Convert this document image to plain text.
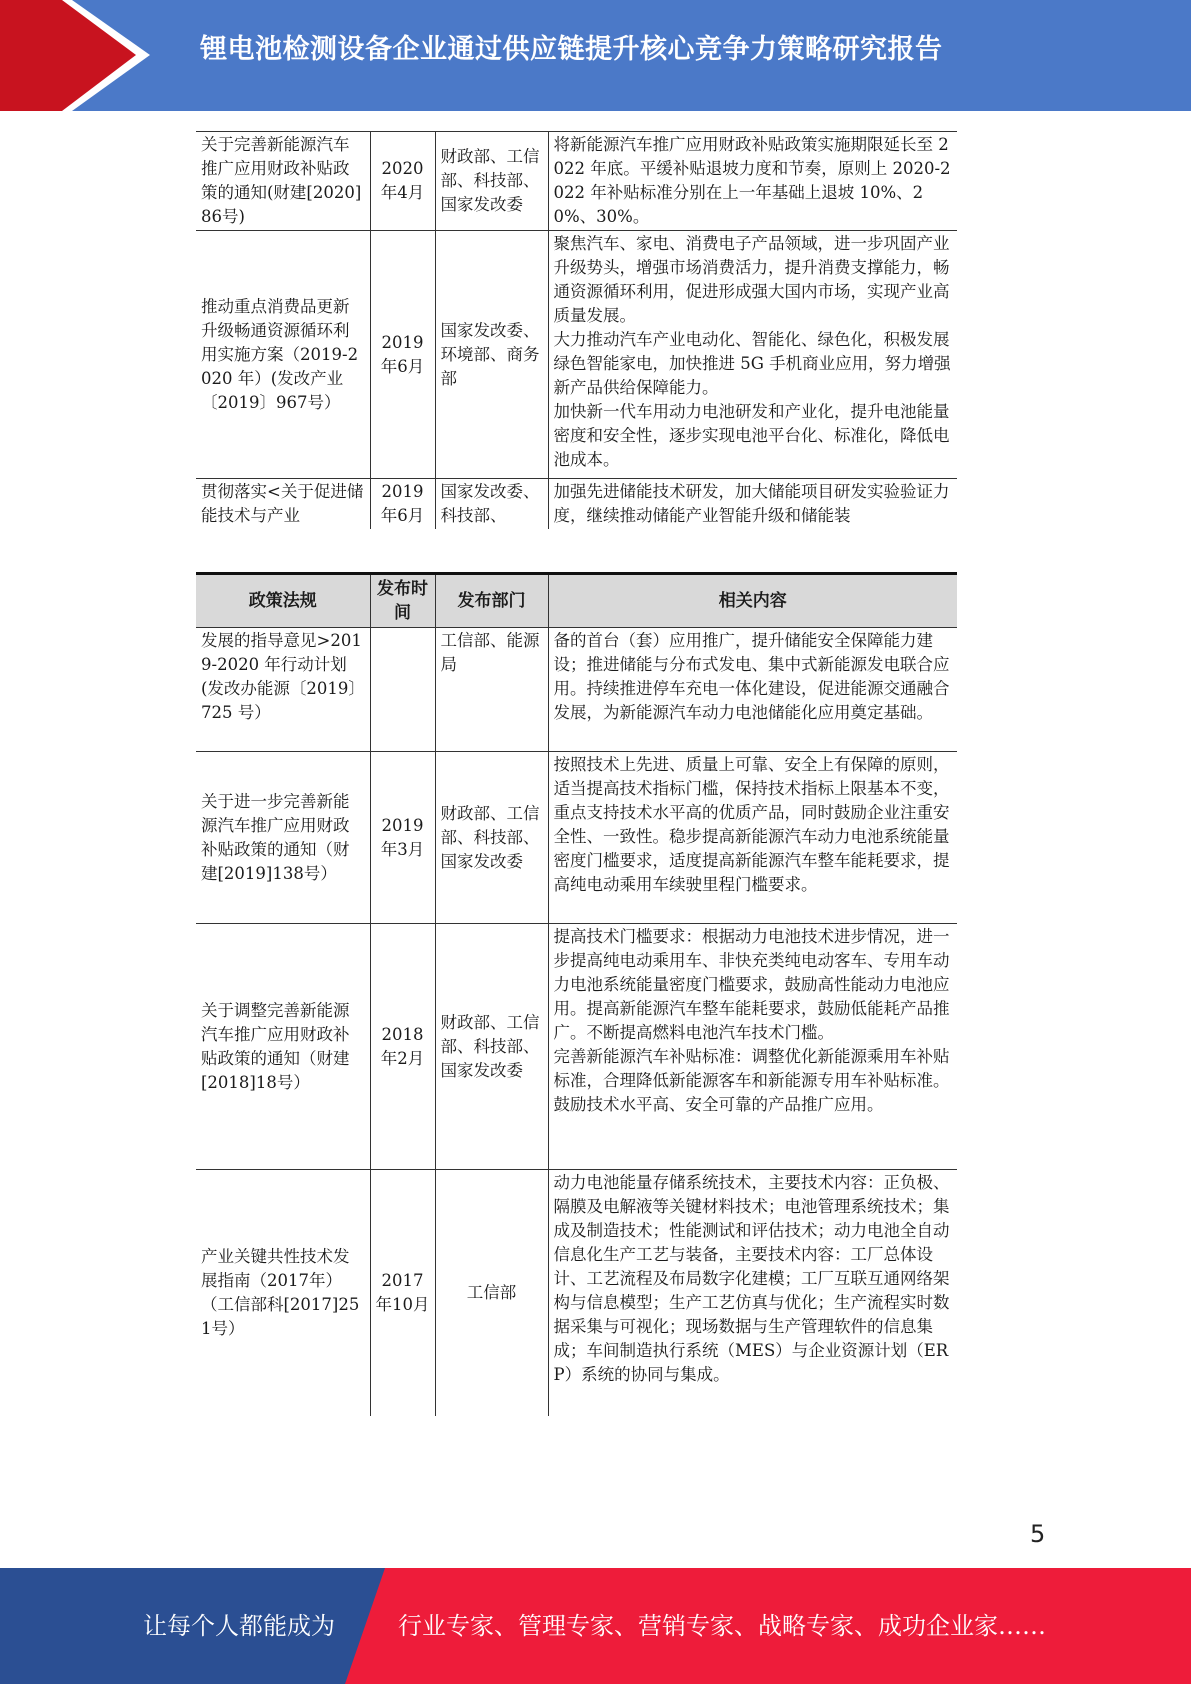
锂电池检测设备企业通过供应链提升核心竞争力策略研究报告
关于完善新能源汽车推广应用财政补贴政策的通知(财建[2020]86号)	2020年4月	财政部、工信部、科技部、国家发改委	将新能源汽车推广应用财政补贴政策实施期限延长至 2022 年底。平缓补贴退坡力度和节奏，原则上 2020-2022 年补贴标准分别在上一年基础上退坡 10%、20%、30%。
推动重点消费品更新升级畅通资源循环利用实施方案（2019-2020 年）(发改产业〔2019〕967号）	2019年6月	国家发改委、环境部、商务部	聚焦汽车、家电、消费电子产品领域，进一步巩固产业升级势头，增强市场消费活力，提升消费支撑能力，畅通资源循环利用，促进形成强大国内市场，实现产业高质量发展。
大力推动汽车产业电动化、智能化、绿色化，积极发展绿色智能家电，加快推进 5G 手机商业应用，努力增强新产品供给保障能力。
加快新一代车用动力电池研发和产业化，提升电池能量密度和安全性，逐步实现电池平台化、标准化，降低电池成本。
贯彻落实<关于促进储能技术与产业	2019年6月	国家发改委、科技部、	加强先进储能技术研发，加大储能项目研发实验验证力度，继续推动储能产业智能升级和储能装
政策法规	发布时间	发布部门	相关内容
发展的指导意见>2019-2020 年行动计划(发改办能源〔2019〕725 号）		工信部、能源局	备的首台（套）应用推广，提升储能安全保障能力建设；推进储能与分布式发电、集中式新能源发电联合应用。持续推进停车充电一体化建设，促进能源交通融合发展，为新能源汽车动力电池储能化应用奠定基础。
关于进一步完善新能源汽车推广应用财政补贴政策的通知（财建[2019]138号）	2019年3月	财政部、工信部、科技部、国家发改委	按照技术上先进、质量上可靠、安全上有保障的原则，适当提高技术指标门槛，保持技术指标上限基本不变，重点支持技术水平高的优质产品，同时鼓励企业注重安全性、一致性。稳步提高新能源汽车动力电池系统能量密度门槛要求，适度提高新能源汽车整车能耗要求，提高纯电动乘用车续驶里程门槛要求。
关于调整完善新能源汽车推广应用财政补贴政策的通知（财建[2018]18号）	2018年2月	财政部、工信部、科技部、国家发改委	提高技术门槛要求：根据动力电池技术进步情况，进一步提高纯电动乘用车、非快充类纯电动客车、专用车动力电池系统能量密度门槛要求，鼓励高性能动力电池应用。提高新能源汽车整车能耗要求，鼓励低能耗产品推广。不断提高燃料电池汽车技术门槛。
完善新能源汽车补贴标准：调整优化新能源乘用车补贴标准，合理降低新能源客车和新能源专用车补贴标准。鼓励技术水平高、安全可靠的产品推广应用。
产业关键共性技术发展指南（2017年）（工信部科[2017]251号）	2017年10月	工信部	动力电池能量存储系统技术，主要技术内容：正负极、隔膜及电解液等关键材料技术；电池管理系统技术；集成及制造技术；性能测试和评估技术；动力电池全自动信息化生产工艺与装备，主要技术内容：工厂总体设计、工艺流程及布局数字化建模；工厂互联互通网络架构与信息模型；生产工艺仿真与优化；生产流程实时数据采集与可视化；现场数据与生产管理软件的信息集成；车间制造执行系统（MES）与企业资源计划（ERP）系统的协同与集成。
5
让每个人都能成为	行业专家、管理专家、营销专家、战略专家、成功企业家……
